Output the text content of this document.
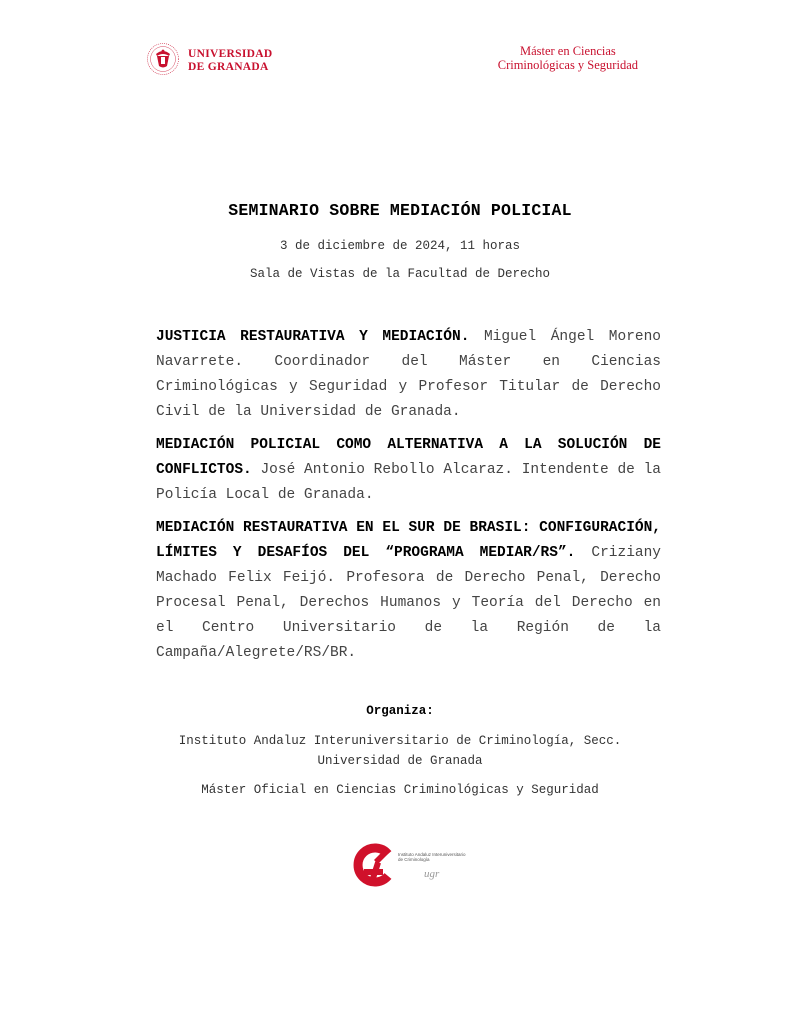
UNIVERSIDAD
DE GRANADA
Máster en Ciencias
Criminológicas y Seguridad
SEMINARIO SOBRE MEDIACIÓN POLICIAL
3 de diciembre de 2024, 11 horas
Sala de Vistas de la Facultad de Derecho

JUSTICIA RESTAURATIVA Y MEDIACIÓN. Miguel Ángel Moreno Navarrete. Coordinador del Máster en Ciencias Criminológicas y Seguridad y Profesor Titular de Derecho Civil de la Universidad de Granada.

MEDIACIÓN POLICIAL COMO ALTERNATIVA A LA SOLUCIÓN DE CONFLICTOS. José Antonio Rebollo Alcaraz. Intendente de la Policía Local de Granada.

MEDIACIÓN RESTAURATIVA EN EL SUR DE BRASIL: CONFIGURACIÓN, LÍMITES Y DESAFÍOS DEL “PROGRAMA MEDIAR/RS”. Criziany Machado Felix Feijó. Profesora de Derecho Penal, Derecho Procesal Penal, Derechos Humanos y Teoría del Derecho en el Centro Universitario de la Región de la Campaña/Alegrete/RS/BR.

Organiza:
Instituto Andaluz Interuniversitario de Criminología, Secc.
Universidad de Granada
Máster Oficial en Ciencias Criminológicas y Seguridad
Instituto Andaluz Interuniversitario
de Criminología
ugr
